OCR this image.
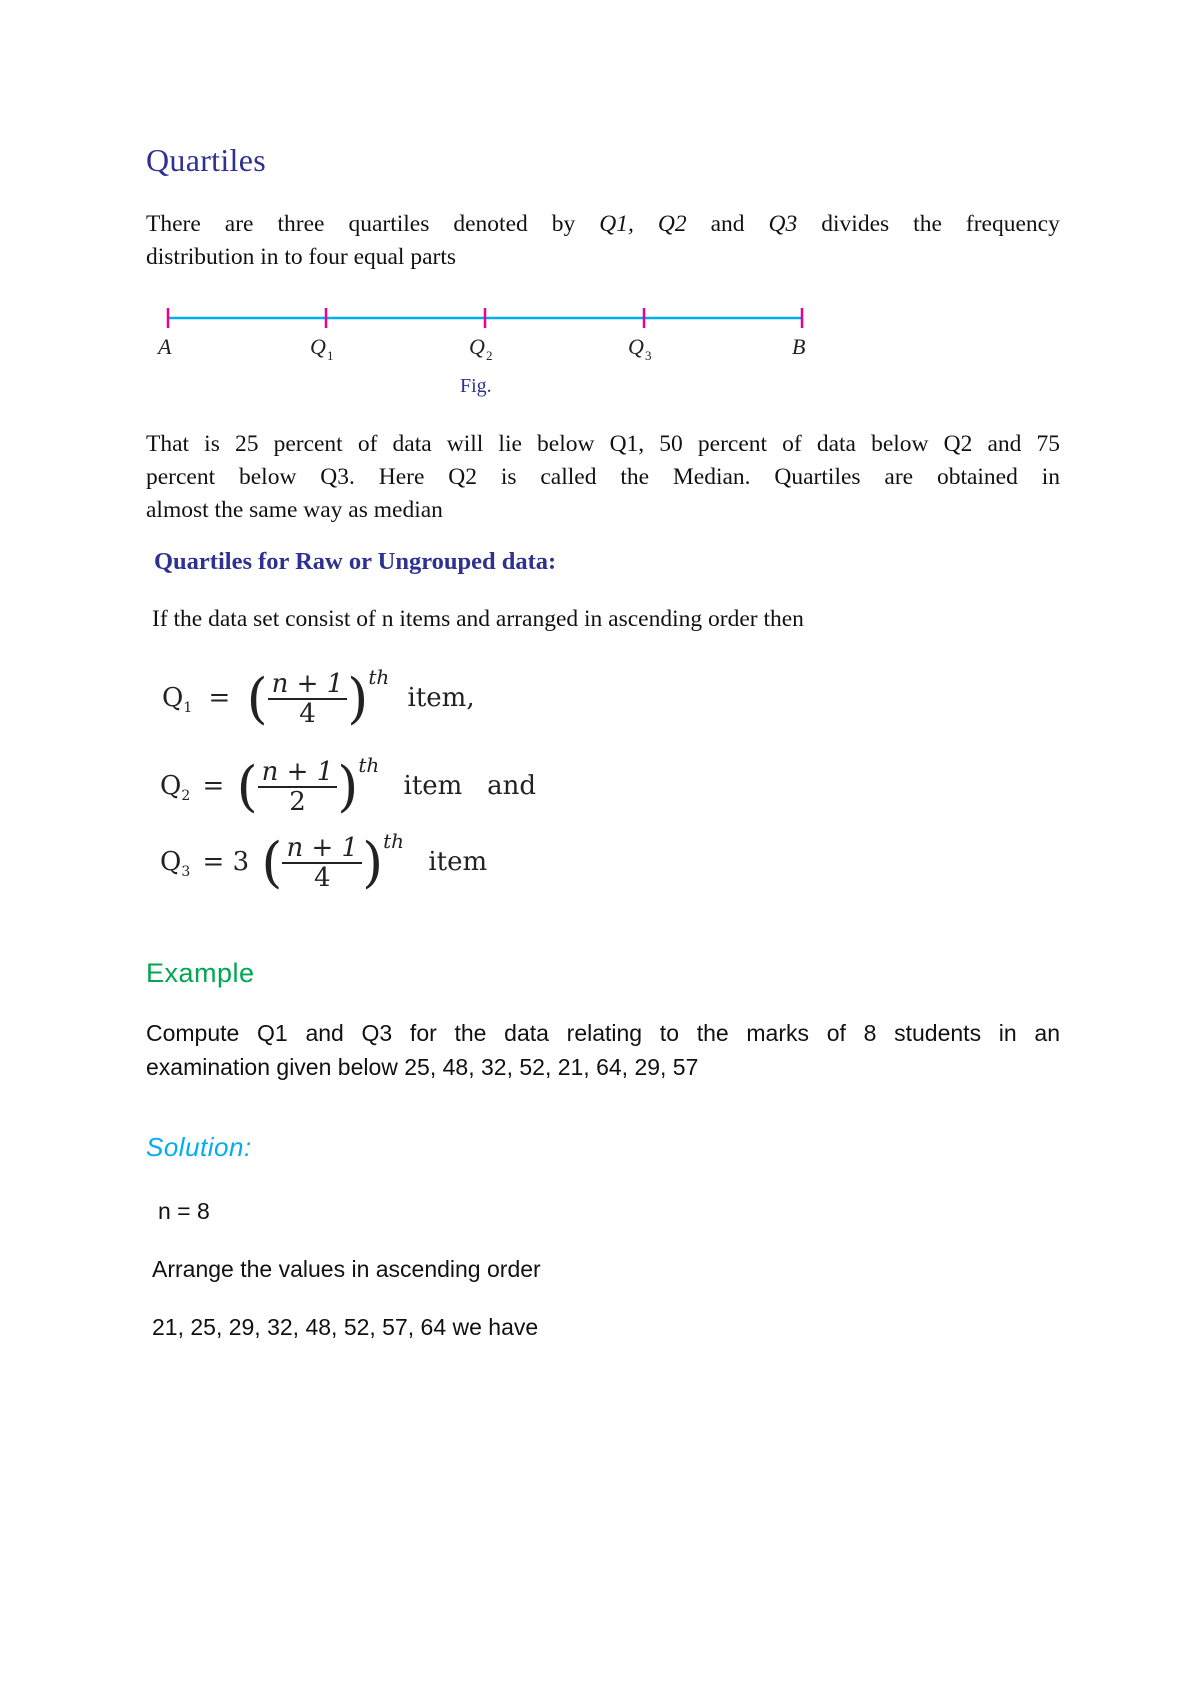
Quartiles
There are three quartiles denoted by Q1, Q2 and Q3 divides the frequency
distribution in to four equal parts
A	Q 1	Q 2	Q 3	B
Fig.
That is 25 percent of data will lie below Q1, 50 percent of data below Q2 and 75
percent below Q3. Here Q2 is called the Median. Quartiles are obtained in
almost the same way as median
Quartiles for Raw or Ungrouped data:
If the data set consist of n items and arranged in ascending order then
$Q_1$ = ( $\frac{n + 1}{4} )^{th}$ item,
$Q_2$ = ( $\frac{n + 1}{2} )^{th}$ item   and
$Q_3 = 3$ ( $\frac{n + 1}{4} )^{th}$ item
Example
Compute Q1 and Q3 for the data relating to the marks of 8 students in an
examination given below 25, 48, 32, 52, 21, 64, 29, 57
Solution:
n = 8
Arrange the values in ascending order
21, 25, 29, 32, 48, 52, 57, 64 we have
